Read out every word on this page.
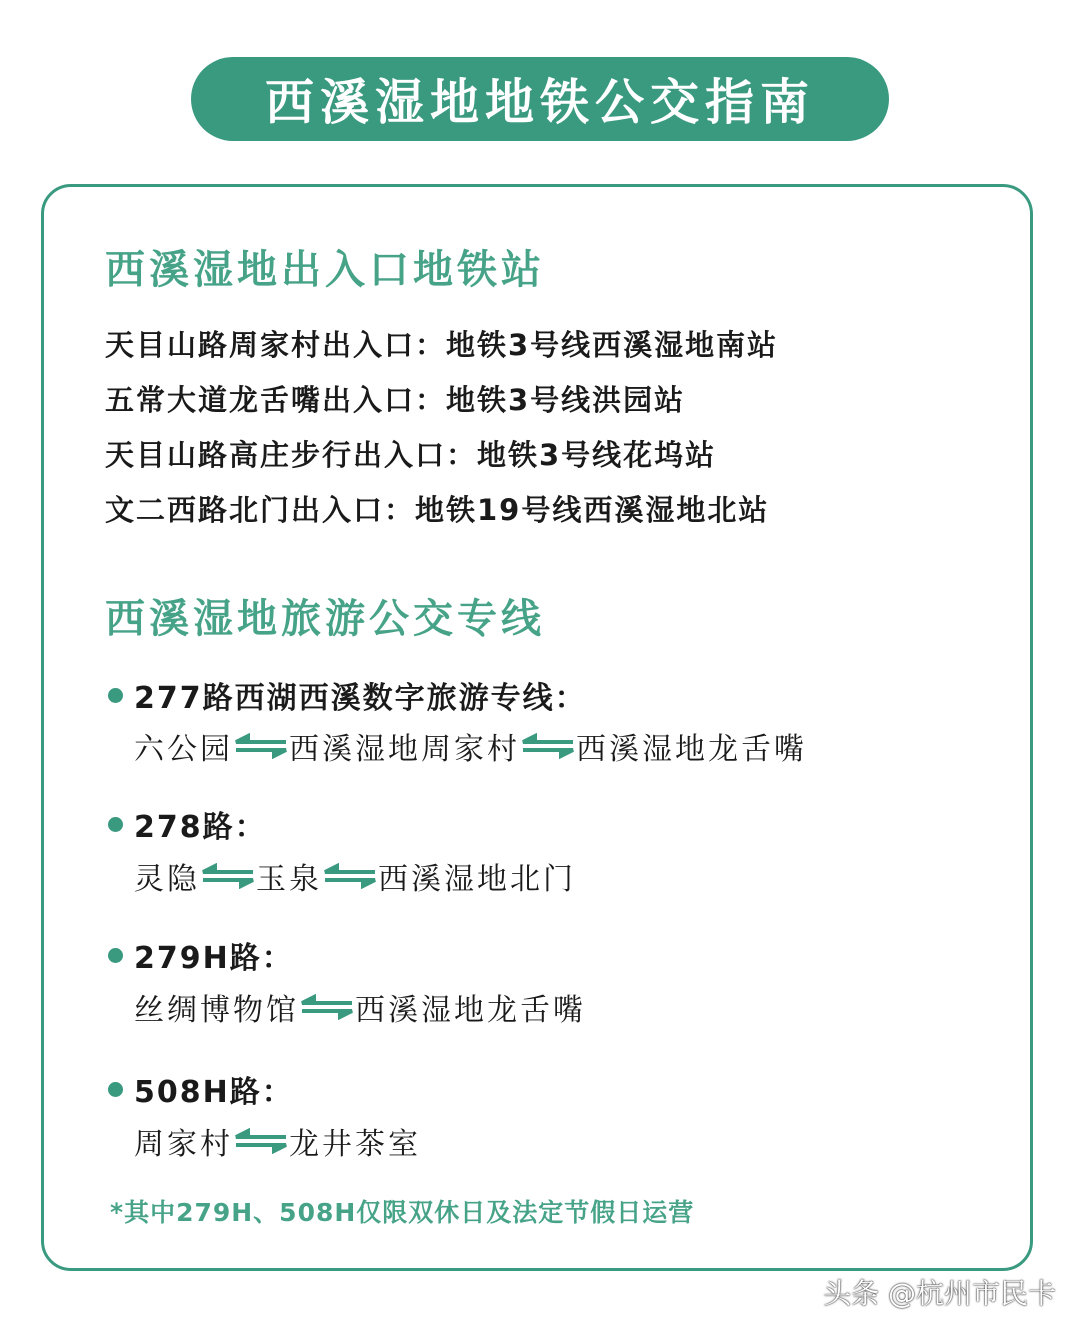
西溪湿地地铁公交指南
西溪湿地出入口地铁站
天目山路周家村出入口：地铁3号线西溪湿地南站
五常大道龙舌嘴出入口：地铁3号线洪园站
天目山路高庄步行出入口：地铁3号线花坞站
文二西路北门出入口：地铁19号线西溪湿地北站
西溪湿地旅游公交专线
277路西湖西溪数字旅游专线：
六公园 西溪湿地周家村 西溪湿地龙舌嘴
278路：
灵隐 玉泉 西溪湿地北门
279H路：
丝绸博物馆 西溪湿地龙舌嘴
508H路：
周家村 龙井茶室
*其中279H、508H仅限双休日及法定节假日运营
头条 @杭州市民卡
